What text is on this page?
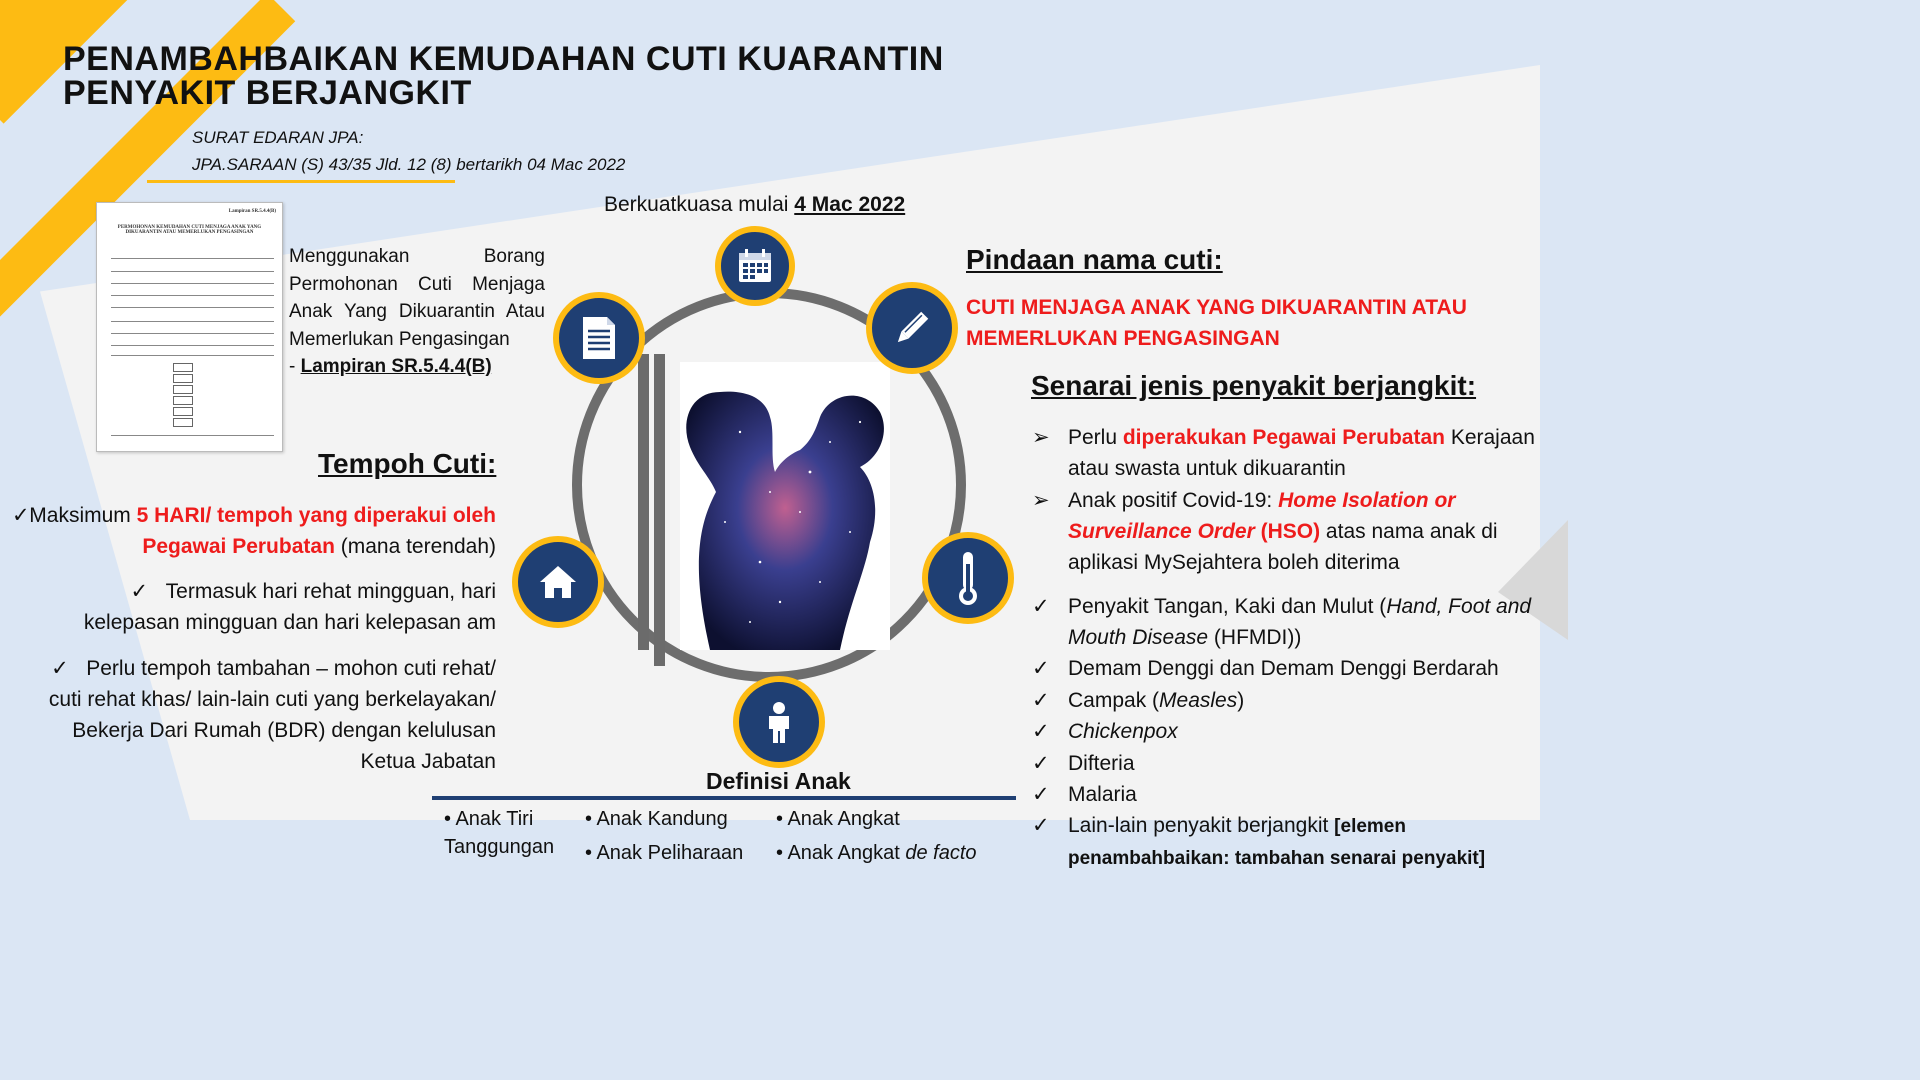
PENAMBAHBAIKAN KEMUDAHAN CUTI KUARANTIN
PENYAKIT BERJANGKIT
SURAT EDARAN JPA:
JPA.SARAAN (S) 43/35 Jld. 12 (8) bertarikh 04 Mac 2022
Lampiran SR.5.4.4(B)
PERMOHONAN KEMUDAHAN CUTI MENJAGA ANAK YANG DIKUARANTIN ATAU MEMERLUKAN PENGASINGAN
Menggunakan Borang Permohonan Cuti Menjaga Anak Yang Dikuarantin Atau Memerlukan Pengasingan
- Lampiran SR.5.4.4(B)
Tempoh Cuti:
✓ Maksimum 5 HARI/ tempoh yang diperakui oleh Pegawai Perubatan (mana terendah)
✓   Termasuk hari rehat mingguan, hari kelepasan mingguan dan hari kelepasan am
✓   Perlu tempoh tambahan – mohon cuti rehat/ cuti rehat khas/ lain-lain cuti yang berkelayakan/ Bekerja Dari Rumah (BDR) dengan kelulusan Ketua Jabatan
Berkuatkuasa mulai 4 Mac 2022
Pindaan nama cuti:
CUTI MENJAGA ANAK YANG DIKUARANTIN ATAU MEMERLUKAN PENGASINGAN
Senarai jenis penyakit berjangkit:
➢ Perlu diperakukan Pegawai Perubatan Kerajaan atau swasta untuk dikuarantin
➢ Anak positif Covid-19: Home Isolation or Surveillance Order (HSO) atas nama anak di aplikasi MySejahtera boleh diterima
✓ Penyakit Tangan, Kaki dan Mulut (Hand, Foot and Mouth Disease (HFMDI))
✓ Demam Denggi dan Demam Denggi Berdarah
✓ Campak (Measles)
✓ Chickenpox
✓ Difteria
✓ Malaria
✓ Lain-lain penyakit berjangkit [elemen penambahbaikan: tambahan senarai penyakit]
Definisi Anak
• Anak Tiri
Tanggungan
• Anak Kandung
• Anak Peliharaan
• Anak Angkat
• Anak Angkat de facto
